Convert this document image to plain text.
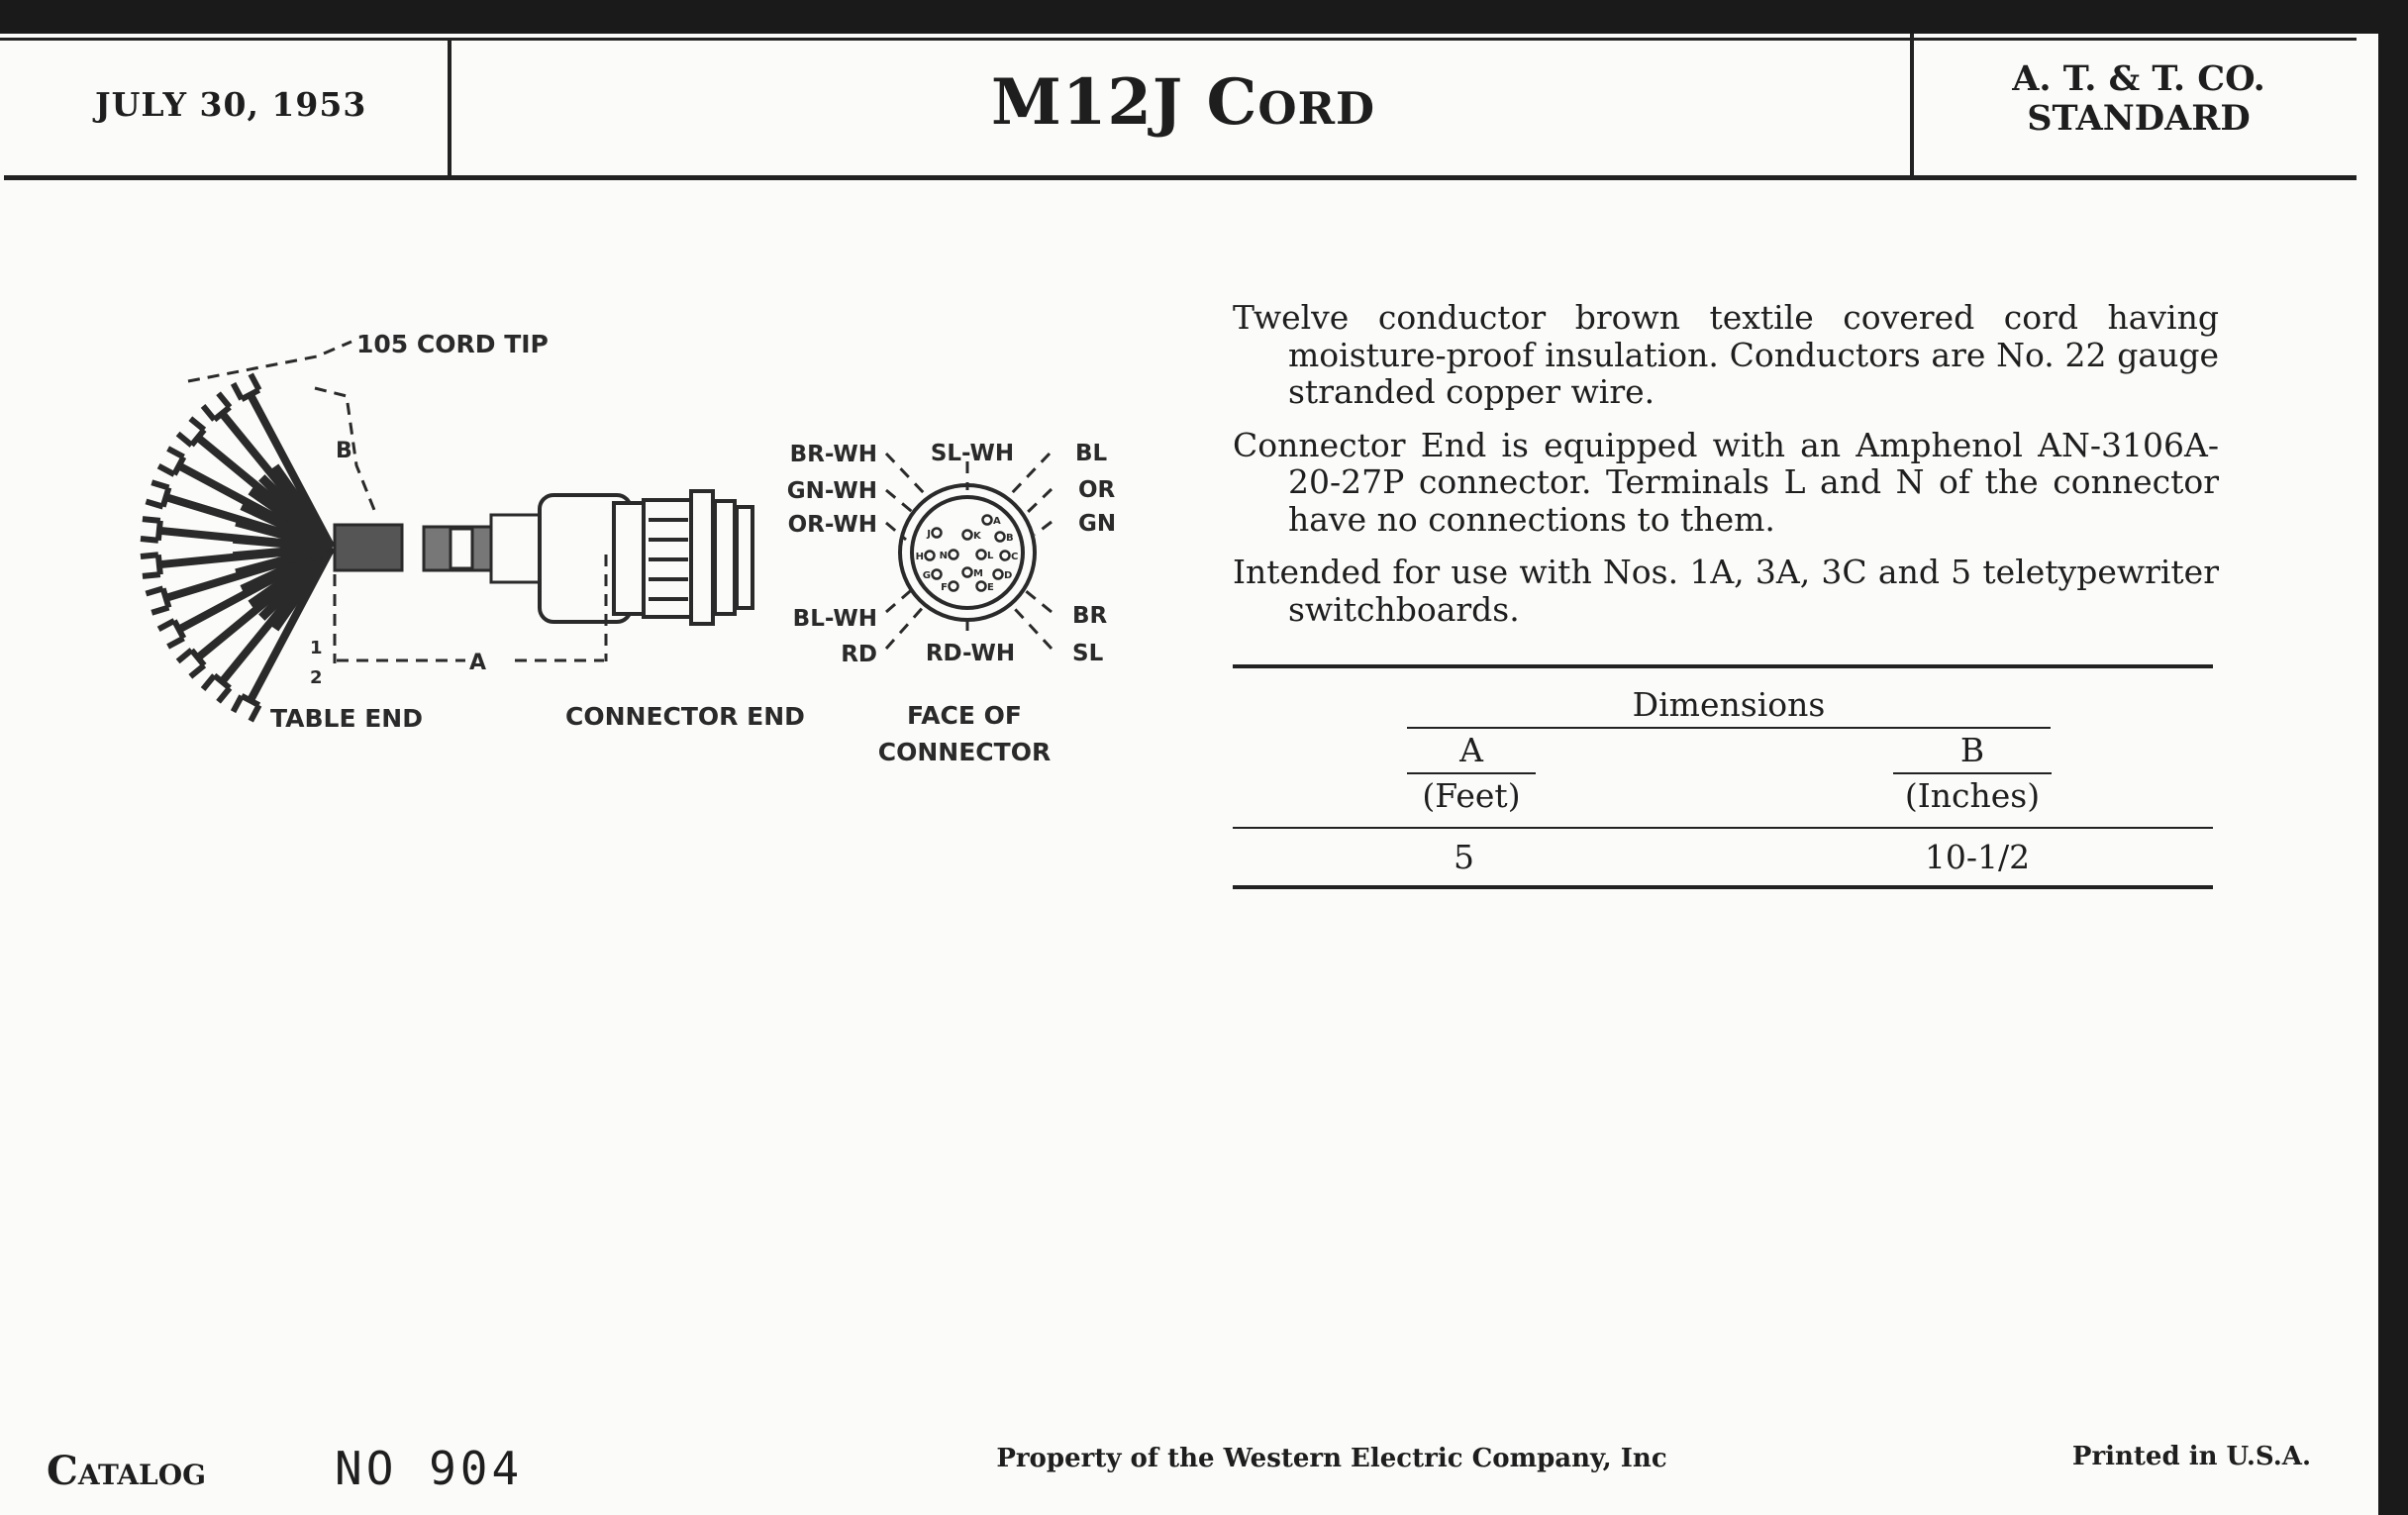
JULY 30, 1953	M12J Cord	A. T. & T. CO.
STANDARD

Twelve conductor brown textile covered cord having moisture-proof insulation. Conductors are No. 22 gauge stranded copper wire.

Connector End is equipped with an Amphenol AN-3106A-20-27P connector. Terminals L and N of the connector have no connections to them.

Intended for use with Nos. 1A, 3A, 3C and 5 teletypewriter switchboards.

Dimensions
A
(Feet)
B
(Inches)
5	10-1/2
105 CORD TIP
B
A
1
2
TABLE END	CONNECTOR END	FACE OF
CONNECTOR
A
B
C
D
E
F
G
H
J	K
L
M
N
BR-WH
GN-WH
OR-WH
BL-WH
RD
SL-WH
RD-WH
BL
OR
GN
BR
SL
Catalog	NO 904	Property of the Western Electric Company, Inc	Printed in U.S.A.
